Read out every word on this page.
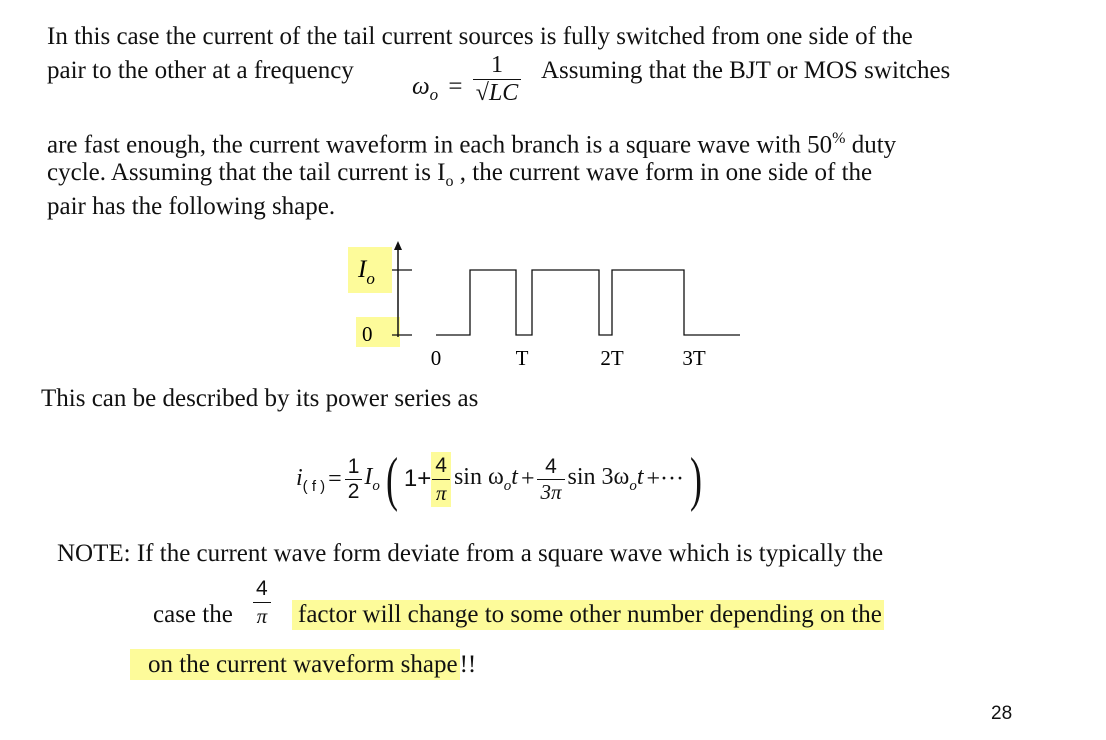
In this case the current of the tail current sources is fully switched from one side of the
pair to the other at a frequency
$\omega_o = \frac{1}{√LC}$ Assuming that the BJT or MOS switches
are fast enough, the current waveform in each branch is a square wave with 50% duty
cycle. Assuming that the tail current is $I_o$ , the current wave form in one side of the
pair has the following shape.
$I_o$
0
0	T	2T	3T
This can be described by its power series as
$i_{( f )} = \frac{1}{2} I_o$ ( $1+ \frac{4}{\pi}$ $\sin \omega_ot + \frac{4}{3\pi}$ $\sin 3\omega_ot$ +··· )
NOTE: If the current wave form deviate from a square wave which is typically the
case the $\frac{4}{\pi}$ factor will change to some other number depending on the
on the current waveform shape!!
28
